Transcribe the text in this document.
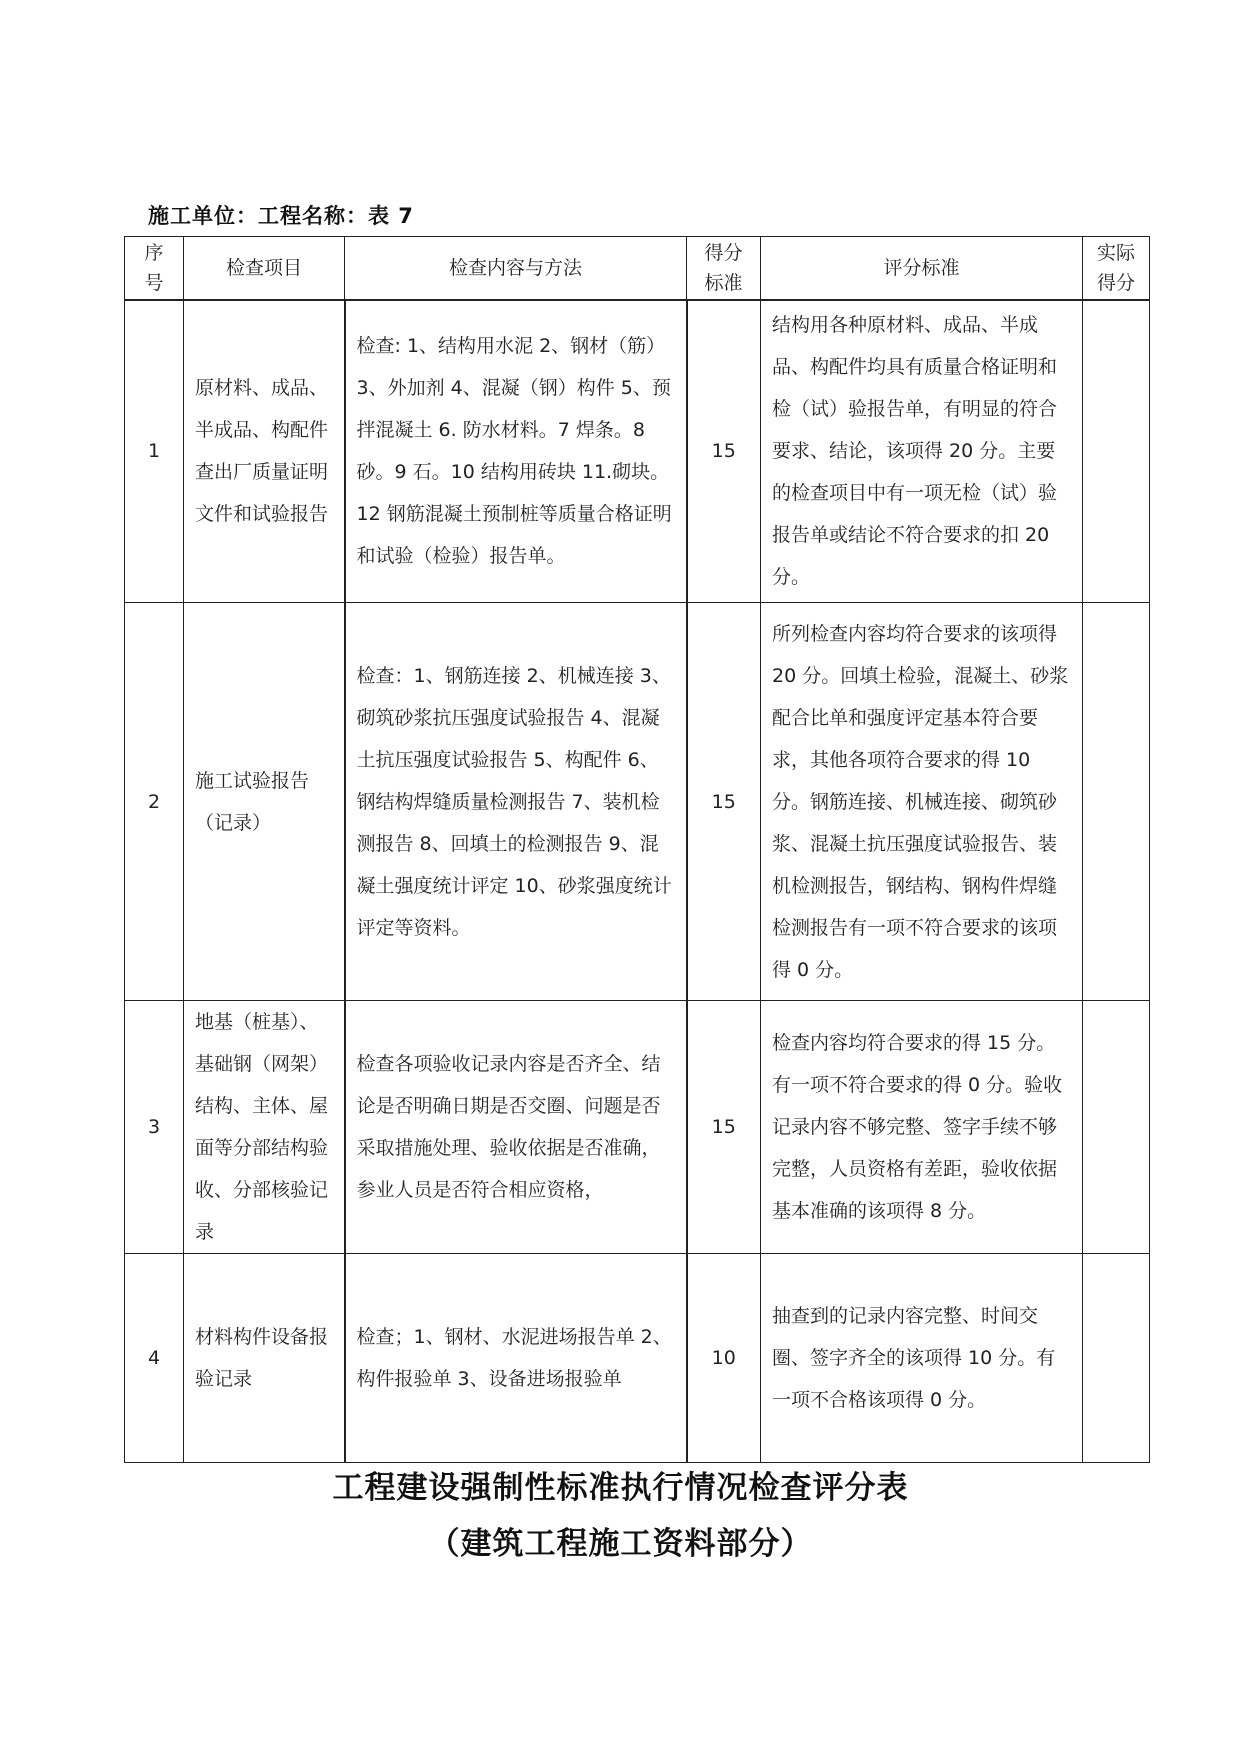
施工单位：工程名称：表 7
序号	检查项目	检查内容与方法	得分标准	评分标准	实际得分
1	原材料、成品、半成品、构配件查出厂质量证明文件和试验报告	检查: 1、结构用水泥 2、钢材（筋）3、外加剂 4、混凝（钢）构件 5、预拌混凝土 6. 防水材料。7 焊条。8 砂。9 石。10 结构用砖块 11.砌块。12 钢筋混凝土预制桩等质量合格证明和试验（检验）报告单。	15	结构用各种原材料、成品、半成品、构配件均具有质量合格证明和检（试）验报告单，有明显的符合要求、结论，该项得 20 分。主要的检查项目中有一项无检（试）验报告单或结论不符合要求的扣 20 分。	
2	施工试验报告（记录）	检查：1、钢筋连接 2、机械连接 3、砌筑砂浆抗压强度试验报告 4、混凝土抗压强度试验报告 5、构配件 6、钢结构焊缝质量检测报告 7、装机检测报告 8、回填土的检测报告 9、混凝土强度统计评定 10、砂浆强度统计评定等资料。	15	所列检查内容均符合要求的该项得 20 分。回填土检验，混凝土、砂浆配合比单和强度评定基本符合要求，其他各项符合要求的得 10 分。钢筋连接、机械连接、砌筑砂浆、混凝土抗压强度试验报告、装机检测报告，钢结构、钢构件焊缝检测报告有一项不符合要求的该项得 0 分。	
3	地基（桩基）、基础钢（网架）结构、主体、屋面等分部结构验收、分部核验记录	检查各项验收记录内容是否齐全、结论是否明确日期是否交圈、问题是否采取措施处理、验收依据是否准确，参业人员是否符合相应资格，	15	检查内容均符合要求的得 15 分。有一项不符合要求的得 0 分。验收记录内容不够完整、签字手续不够完整，人员资格有差距，验收依据基本准确的该项得 8 分。	
4	材料构件设备报验记录	检查；1、钢材、水泥进场报告单 2、构件报验单 3、设备进场报验单	10	抽查到的记录内容完整、时间交圈、签字齐全的该项得 10 分。有一项不合格该项得 0 分。	
工程建设强制性标准执行情况检查评分表
（建筑工程施工资料部分）
